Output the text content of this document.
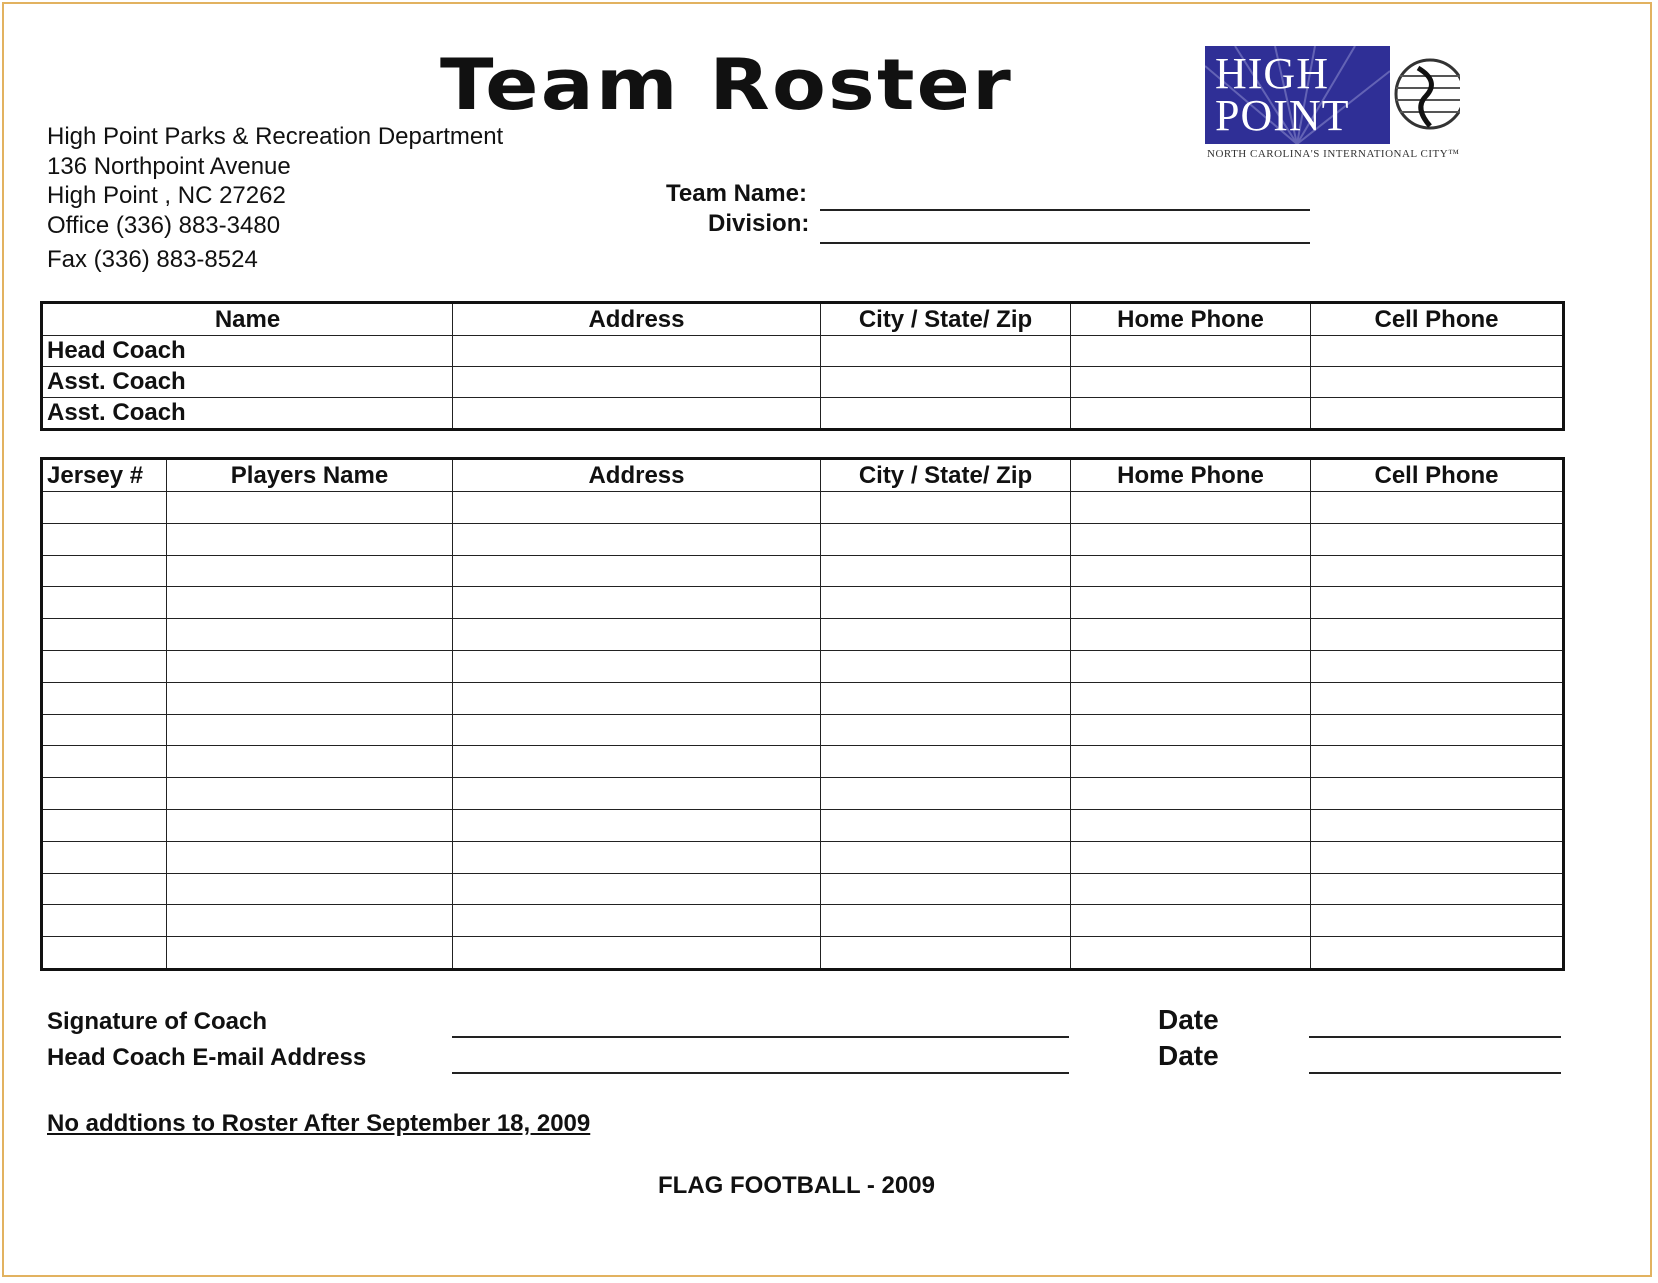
Team Roster
High Point Parks & Recreation Department
136 Northpoint Avenue
High Point , NC 27262
Office (336) 883-3480
Fax (336) 883-8524
HIGH
POINT
NORTH CAROLINA'S INTERNATIONAL CITY™
Team Name:
Division:
Name	Address	City / State/ Zip	Home Phone	Cell Phone
Head Coach				
Asst. Coach				
Asst. Coach				
Jersey #	Players Name	Address	City / State/ Zip	Home Phone	Cell Phone

Signature of Coach
Head Coach E-mail Address
Date
Date
No addtions to Roster After September 18, 2009
FLAG FOOTBALL - 2009
